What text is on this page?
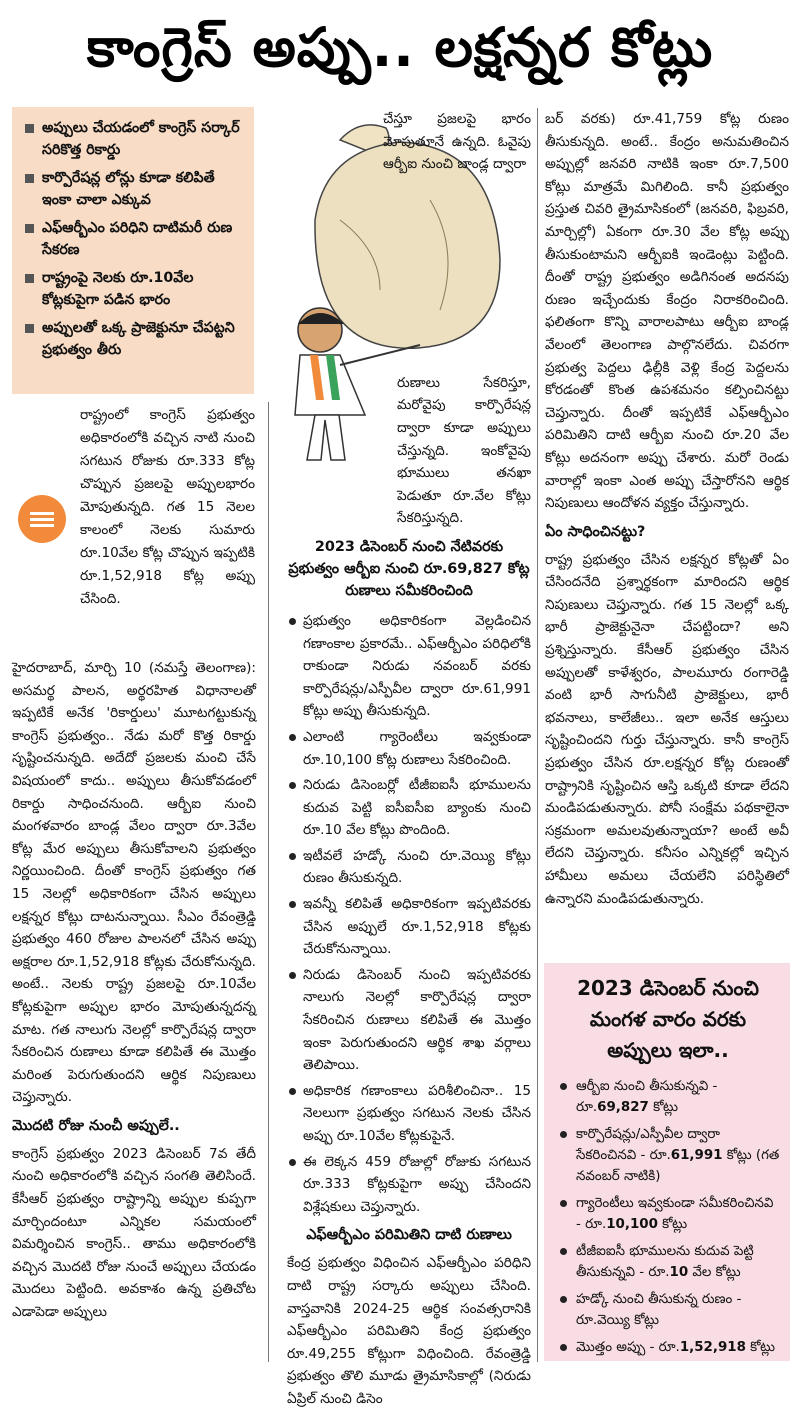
కాంగ్రెస్ అప్పు.. లక్షన్నర కోట్లు
అప్పులు చేయడంలో కాంగ్రెస్ సర్కార్ సరికొత్త రికార్డు
కార్పొరేషన్ల లోన్లు కూడా కలిపితే ఇంకా చాలా ఎక్కువ
ఎఫ్ఆర్బీఎం పరిధిని దాటిమరీ రుణ సేకరణ
రాష్ట్రంపై నెలకు రూ.10వేల కోట్లకుపైగా పడిన భారం
అప్పులతో ఒక్క ప్రాజెక్టునూ చేపట్టని ప్రభుత్వం తీరు
రాష్ట్రంలో కాంగ్రెస్ ప్రభుత్వం అధికారంలోకి వచ్చిన నాటి నుంచి సగటున రోజుకు రూ.333 కోట్ల చొప్పున ప్రజలపై అప్పులభారం మోపుతున్నది. గత 15 నెలల కాలంలో నెలకు సుమారు రూ.10వేల కోట్ల చొప్పున ఇప్పటికి రూ.1,52,918 కోట్ల అప్పు చేసింది.

హైదరాబాద్, మార్చి 10 (నమస్తే తెలంగాణ): అసమర్థ పాలన, అర్థరహిత విధానాలతో ఇప్పటికే అనేక 'రికార్డులు' మూటగట్టుకున్న కాంగ్రెస్ ప్రభుత్వం.. నేడు మరో కొత్త రికార్డు సృష్టించనున్నది. అదేదో ప్రజలకు మంచి చేసే విషయంలో కాదు.. అప్పులు తీసుకోవడంలో రికార్డు సాధించనుంది. ఆర్బీఐ నుంచి మంగళవారం బాండ్ల వేలం ద్వారా రూ.3వేల కోట్ల మేర అప్పులు తీసుకోవాలని ప్రభుత్వం నిర్ణయించింది. దీంతో కాంగ్రెస్ ప్రభుత్వం గత 15 నెలల్లో అధికారికంగా చేసిన అప్పులు లక్షన్నర కోట్లు దాటనున్నాయి. సీఎం రేవంత్రెడ్డి ప్రభుత్వం 460 రోజుల పాలనలో చేసిన అప్పు అక్షరాల రూ.1,52,918 కోట్లకు చేరుకోనున్నది. అంటే.. నెలకు రాష్ట్ర ప్రజలపై రూ.10వేల కోట్లకుపైగా అప్పుల భారం మోపుతున్నదన్న మాట. గత నాలుగు నెలల్లో కార్పొరేషన్ల ద్వారా సేకరించిన రుణాలు కూడా కలిపితే ఈ మొత్తం మరింత పెరుగుతుందని ఆర్థిక నిపుణులు చెప్తున్నారు.

మొదటి రోజు నుంచీ అప్పులే..

కాంగ్రెస్ ప్రభుత్వం 2023 డిసెంబర్ 7వ తేదీ నుంచి అధికారంలోకి వచ్చిన సంగతి తెలిసిందే. కేసీఆర్ ప్రభుత్వం రాష్ట్రాన్ని అప్పుల కుప్పగా మార్చిందంటూ ఎన్నికల సమయంలో విమర్శించిన కాంగ్రెస్.. తాము అధికారంలోకి వచ్చిన మొదటి రోజు నుంచే అప్పులు చేయడం మొదలు పెట్టింది. అవకాశం ఉన్న ప్రతిచోట ఎడాపెడా అప్పులు

చేస్తూ ప్రజలపై భారం మోపుతూనే ఉన్నది. ఓవైపు ఆర్బీఐ నుంచి బాండ్ల ద్వారా

రుణాలు సేకరిస్తూ, మరోవైపు కార్పొరేషన్ల ద్వారా కూడా అప్పులు చేస్తున్నది. ఇంకోవైపు భూములు తనఖా పెడుతూ రూ.వేల కోట్లు సేకరిస్తున్నది.

2023 డిసెంబర్ నుంచి నేటివరకు ప్రభుత్వం ఆర్బీఐ నుంచి రూ.69,827 కోట్ల రుణాలు సమీకరించింది
ప్రభుత్వం అధికారికంగా వెల్లడించిన గణాంకాల ప్రకారమే.. ఎఫ్ఆర్బీఎం పరిధిలోకి రాకుండా నిరుడు నవంబర్ వరకు కార్పొరేషన్లు/ఎస్పీవీల ద్వారా రూ.61,991 కోట్లు అప్పు తీసుకున్నది.
ఎలాంటి గ్యారెంటీలు ఇవ్వకుండా రూ.10,100 కోట్ల రుణాలు సేకరించింది.
నిరుడు డిసెంబర్లో టీజీఐఐసీ భూములను కుదువ పెట్టి ఐసీఐసీఐ బ్యాంకు నుంచి రూ.10 వేల కోట్లు పొందింది.
ఇటీవలే హడ్కో నుంచి రూ.వెయ్యి కోట్లు రుణం తీసుకున్నది.
ఇవన్నీ కలిపితే అధికారికంగా ఇప్పటివరకు చేసిన అప్పులే రూ.1,52,918 కోట్లకు చేరుకోనున్నాయి.
నిరుడు డిసెంబర్ నుంచి ఇప్పటివరకు నాలుగు నెలల్లో కార్పొరేషన్ల ద్వారా సేకరించిన రుణాలు కలిపితే ఈ మొత్తం ఇంకా పెరుగుతుందని ఆర్థిక శాఖ వర్గాలు తెలిపాయి.
అధికారిక గణాంకాలు పరిశీలించినా.. 15 నెలలుగా ప్రభుత్వం సగటున నెలకు చేసిన అప్పు రూ.10వేల కోట్లకుపైనే.
ఈ లెక్కన 459 రోజుల్లో రోజుకు సగటున రూ.333 కోట్లకుపైగా అప్పు చేసిందని విశ్లేషకులు చెప్తున్నారు.
ఎఫ్ఆర్బీఎం పరిమితిని దాటి రుణాలు

కేంద్ర ప్రభుత్వం విధించిన ఎఫ్ఆర్బీఎం పరిధిని దాటి రాష్ట్ర సర్కారు అప్పులు చేసింది. వాస్తవానికి 2024-25 ఆర్థిక సంవత్సరానికి ఎఫ్ఆర్బీఎం పరిమితిని కేంద్ర ప్రభుత్వం రూ.49,255 కోట్లుగా విధించింది. రేవంత్రెడ్డి ప్రభుత్వం తొలి మూడు త్రైమాసికాల్లో (నిరుడు ఏప్రిల్ నుంచి డిసెం

బర్ వరకు) రూ.41,759 కోట్ల రుణం తీసుకున్నది. అంటే.. కేంద్రం అనుమతించిన అప్పుల్లో జనవరి నాటికి ఇంకా రూ.7,500 కోట్లు మాత్రమే మిగిలింది. కానీ ప్రభుత్వం ప్రస్తుత చివరి త్రైమాసికంలో (జనవరి, ఫిబ్రవరి, మార్చిల్లో) ఏకంగా రూ.30 వేల కోట్ల అప్పు తీసుకుంటామని ఆర్బీఐకి ఇండెంట్లు పెట్టింది. దీంతో రాష్ట్ర ప్రభుత్వం అడిగినంత అదనపు రుణం ఇచ్చేందుకు కేంద్రం నిరాకరించింది. ఫలితంగా కొన్ని వారాలపాటు ఆర్బీఐ బాండ్ల వేలంలో తెలంగాణ పాల్గొనలేదు. చివరగా ప్రభుత్వ పెద్దలు ఢిల్లీకి వెళ్లి కేంద్ర పెద్దలను కోరడంతో కొంత ఉపశమనం కల్పించినట్టు చెప్తున్నారు. దీంతో ఇప్పటికే ఎఫ్ఆర్బీఎం పరిమితిని దాటి ఆర్బీఐ నుంచి రూ.20 వేల కోట్లు అదనంగా అప్పు చేశారు. మరో రెండు వారాల్లో ఇంకా ఎంత అప్పు చేస్తారోనని ఆర్థిక నిపుణులు ఆందోళన వ్యక్తం చేస్తున్నారు.

ఏం సాధించినట్టు?

రాష్ట్ర ప్రభుత్వం చేసిన లక్షన్నర కోట్లతో ఏం చేసిందనేది ప్రశ్నార్థకంగా మారిందని ఆర్థిక నిపుణులు చెప్తున్నారు. గత 15 నెలల్లో ఒక్క భారీ ప్రాజెక్టునైనా చేపట్టిందా? అని ప్రశ్నిస్తున్నారు. కేసీఆర్ ప్రభుత్వం చేసిన అప్పులతో కాళేశ్వరం, పాలమూరు రంగారెడ్డి వంటి భారీ సాగునీటి ప్రాజెక్టులు, భారీ భవనాలు, కాలేజీలు.. ఇలా అనేక ఆస్తులు సృష్టించిందని గుర్తు చేస్తున్నారు. కానీ కాంగ్రెస్ ప్రభుత్వం చేసిన రూ.లక్షన్నర కోట్ల రుణంతో రాష్ట్రానికి సృష్టించిన ఆస్తి ఒక్కటి కూడా లేదని మండిపడుతున్నారు. పోనీ సంక్షేమ పథకాలైనా సక్రమంగా అమలవుతున్నాయా? అంటే అవీ లేదని చెప్తున్నారు. కనీసం ఎన్నికల్లో ఇచ్చిన హామీలు అమలు చేయలేని పరిస్థితిలో ఉన్నారని మండిపడుతున్నారు.

2023 డిసెంబర్ నుంచి మంగళ వారం వరకు అప్పులు ఇలా..
ఆర్బీఐ నుంచి తీసుకున్నవి - రూ.69,827 కోట్లు
కార్పొరేషన్లు/ఎస్పీవీల ద్వారా సేకరించినవి - రూ.61,991 కోట్లు (గత నవంబర్ నాటికి)
గ్యారెంటీలు ఇవ్వకుండా సమీకరించినవి - రూ.10,100 కోట్లు
టీజీఐఐసీ భూములను కుదువ పెట్టి తీసుకున్నవి - రూ.10 వేల కోట్లు
హడ్కో నుంచి తీసుకున్న రుణం - రూ.వెయ్యి కోట్లు
మొత్తం అప్పు - రూ.1,52,918 కోట్లు
